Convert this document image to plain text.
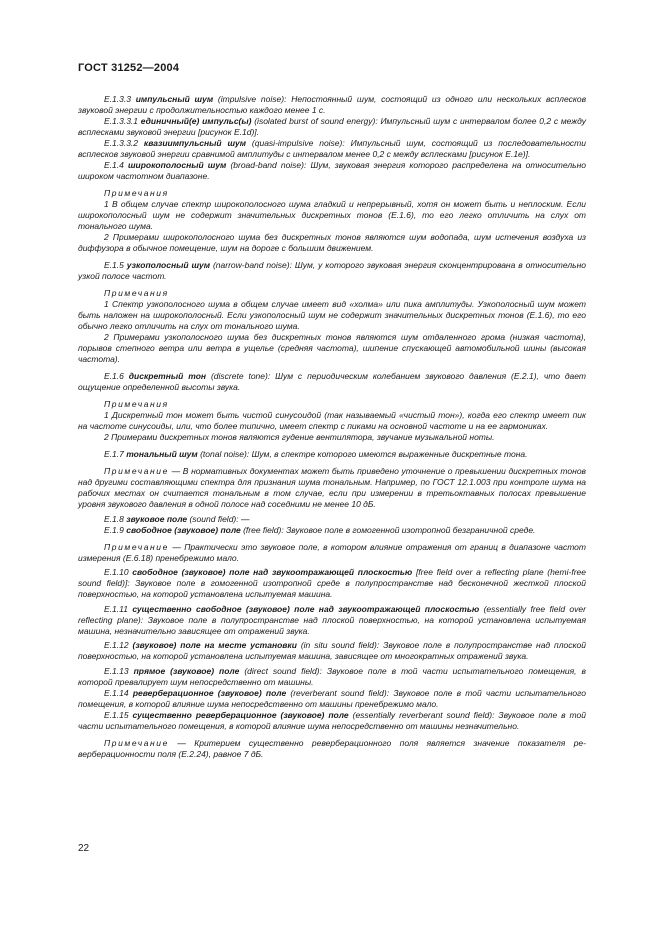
ГОСТ 31252—2004

Е.1.3.3 импульсный шум (impulsive noise): Непостоянный шум, состоящий из одного или нескольких всплесков звуковой энергии с продолжительностью каждого менее 1 с.

Е.1.3.3.1 единичный(е) импульс(ы) (isolated burst of sound energy): Импульсный шум с интервалом более 0,2 с между всплесками звуковой энергии [рисунок Е.1d)].

Е.1.3.3.2 квазиимпульсный шум (quasi-impulsive noise): Импульсный шум, состоящий из последовательности всплесков звуковой энергии сравнимой амплитуды с интервалом менее 0,2 с между всплесками [рисунок Е.1е)].

Е.1.4 широкополосный шум (broad-band noise): Шум, звуковая энергия которого распределена на относительно широком частотном диапазоне.

Примечания

1 В общем случае спектр широкополосного шума гладкий и непрерывный, хотя он может быть и неплоским. Если широкополосный шум не содержит значительных дискретных тонов (Е.1.6), то его легко отличить на слух от тонального шума.

2 Примерами широкополосного шума без дискретных тонов являются шум водопада, шум истечения воздуха из диффузора в обычное помещение, шум на дороге с большим движением.

Е.1.5 узкополосный шум (narrow-band noise): Шум, у которого звуковая энергия сконцентрирована в относительно узкой полосе частот.

Примечания

1 Спектр узкополосного шума в общем случае имеет вид «холма» или пика амплитуды. Узкополосный шум может быть наложен на широкополосный. Если узкополосный шум не содержит значительных дискретных тонов (Е.1.6), то его обычно легко отличить на слух от тонального шума.

2 Примерами узкополосного шума без дискретных тонов являются шум отдаленного грома (низкая частота), порывов степного ветра или ветра в ущелье (средняя частота), шипение спускающей автомобильной шины (высокая частота).

Е.1.6 дискретный тон (discrete tone): Шум с периодическим колебанием звукового давления (Е.2.1), что дает ощущение определенной высоты звука.

Примечания

1 Дискретный тон может быть чистой синусоидой (так называемый «чистый тон»), когда его спектр имеет пик на частоте синусоиды, или, что более типично, имеет спектр с пиками на основной частоте и на ее гармониках.

2 Примерами дискретных тонов являются гудение вентилятора, звучание музыкальной ноты.

Е.1.7 тональный шум (tonal noise): Шум, в спектре которого имеются выраженные дискретные тона.

Примечание — В нормативных документах может быть приведено уточнение о превышении дискретных тонов над другими составляющими спектра для признания шума тональным. Например, по ГОСТ 12.1.003 при контроле шума на рабочих местах он считается тональным в том случае, если при измерении в третьоктавных полосах превышение уровня звукового давления в одной полосе над соседними не менее 10 дБ.

Е.1.8 звуковое поле (sound field): —

Е.1.9 свободное (звуковое) поле (free field): Звуковое поле в гомогенной изотропной безграничной среде.

Примечание — Практически это звуковое поле, в котором влияние отражения от границ в диапазоне частот измерения (Е.6.18) пренебрежимо мало.

Е.1.10 свободное (звуковое) поле над звукоотражающей плоскостью [free field over a reflecting plane (hemi-free sound field)]: Звуковое поле в гомогенной изотропной среде в полупространстве над бесконечной жесткой плоской поверхностью, на которой установлена испытуемая машина.

Е.1.11 существенно свободное (звуковое) поле над звукоотражающей плоскостью (essentially free field over reflecting plane): Звуковое поле в полупространстве над плоской поверхностью, на которой установлена испытуемая машина, незначительно зависящее от отражений звука.

Е.1.12 (звуковое) поле на месте установки (in situ sound field): Звуковое поле в полупространстве над плоской поверхностью, на которой установлена испытуемая машина, зависящее от многократных отражений звука.

Е.1.13 прямое (звуковое) поле (direct sound field): Звуковое поле в той части испытательного помещения, в которой превалирует шум непосредственно от машины.

Е.1.14 реверберационное (звуковое) поле (reverberant sound field): Звуковое поле в той части испытательного помещения, в которой влияние шума непосредственно от машины пренебрежимо мало.

Е.1.15 существенно реверберационное (звуковое) поле (essentially reverberant sound field): Звуковое поле в той части испытательного помещения, в которой влияние шума непосредственно от машины незначительно.

Примечание — Критерием существенно реверберационного поля является значение показателя реверберационности поля (Е.2.24), равное 7 дБ.

22
